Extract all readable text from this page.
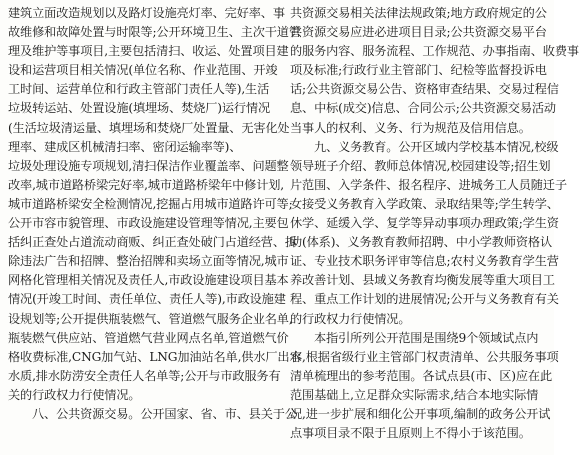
建筑立面改造规划以及路灯设施亮灯率、完好率、事
故维修和故障处置与时限等;公开环境卫生、主次干道管
理及维护等事项目,主要包括清扫、收运、处置项目建
设和运营项目相关情况(单位名称、作业范围、开竣
工时间、运营单位和行政主管部门责任人等),生活
垃圾转运站、处置设施(填埋场、焚烧厂)运行情况
(生活垃圾清运量、填埋场和焚烧厂处置量、无害化处
理率、建成区机械清扫率、密闭运输率等)、
垃圾处理设施专项规划,清扫保洁作业覆盖率、问题整
改率,城市道路桥梁完好率,城市道路桥梁年中修计划,
城市道路桥梁安全检测情况,挖掘占用城市道路许可等;
公开市容市貌管理、市政设施建设管理等情况,主要包
括纠正查处占道流动商贩、纠正查处破门占道经营、拆
除违法广告和招牌、整治招牌和卖场立面等情况,城市
网格化管理相关情况及责任人,市政设施建设项目基本
情况(开竣工时间、责任单位、责任人等),市政设施建
设规划等;公开提供瓶装燃气、管道燃气服务企业名单,
瓶装燃气供应站、管道燃气营业网点名单,管道燃气价
格收费标准,CNG加气站、LNG加油站名单,供水厂出水
水质,排水防涝安全责任人名单等;公开与市政服务有
关的行政权力行使情况。
八、公共资源交易。公开国家、省、市、县关于公
共资源交易相关法律法规政策;地方政府规定的公
共资源交易应进必进项目目录;公共资源交易平台
的服务内容、服务流程、工作规范、办事指南、收费事
项及标准;行政行业主管部门、纪检等监督投诉电
话;公共资源交易公告、资格审查结果、交易过程信
息、中标(成交)信息、合同公示;公共资源交易活动
当事人的权利、义务、行为规范及信用信息。
九、义务教育。公开区域内学校基本情况,校级
领导班子介绍、教师总体情况,校园建设等;招生划
片范围、入学条件、报名程序、进城务工人员随迁子
女接受义务教育入学政策、录取结果等;学生转学、
休学、延缓入学、复学等异动事项办理政策;学生资
助(体系)、义务教育教师招聘、中小学教师资格认
证、专业技术职务评审等信息;农村义务教育学生营
养改善计划、县域义务教育均衡发展等重大项目工
程、重点工作计划的进展情况;公开与义务教育有关
的行政权力行使情况。
本指引所列公开范围是围绕9个领域试点内
容,根据省级行业主管部门权责清单、公共服务事项
清单梳理出的参考范围。各试点县(市、区)应在此
范围基础上,立足群众实际需求,结合本地实际情
况,进一步扩展和细化公开事项,编制的政务公开试
点事项目录不限于且原则上不得小于该范围。
